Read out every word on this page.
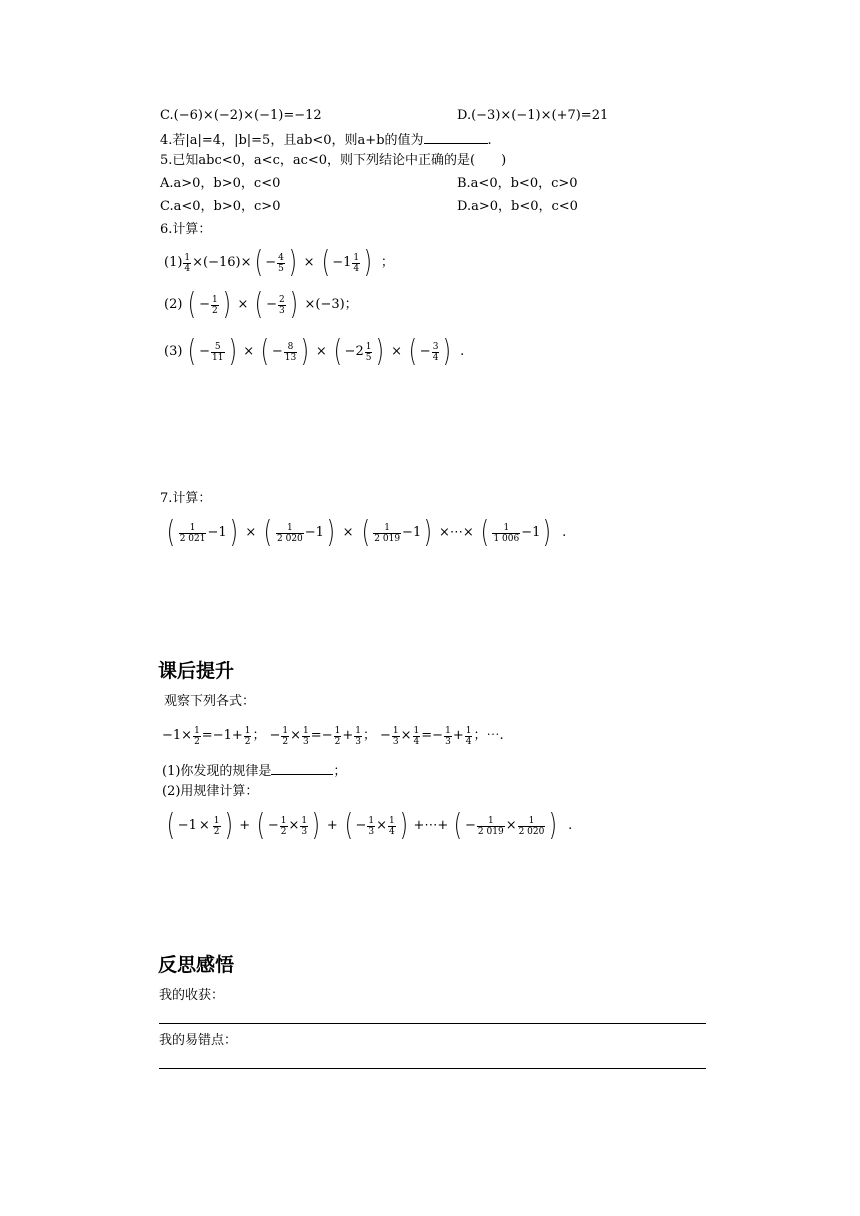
C.(−6)×(−2)×(−1)=−12	D.(−3)×(−1)×(+7)=21
4.若|a|=4，|b|=5，且ab<0，则a+b的值为	.
5.已知abc<0，a<c，ac<0，则下列结论中正确的是(　　)
A.a>0，b>0，c<0	B.a<0，b<0，c>0
C.a<0，b>0，c>0	D.a>0，b<0，c<0
6.计算：
$(1) \frac{1}{4} \times(-16)\times$ ( − $\frac{4}{5}$ ) × ( $-1 \frac{1}{4}$ ) ；
(2) ( − $\frac{1}{2}$ ) × ( − $\frac{2}{3}$ ) ×(−3)；
(3) ( − $\frac{5}{11}$ ) × ( − $\frac{8}{13}$ ) × ( $-2 \frac{1}{5}$ ) × ( − $\frac{3}{4}$ ) .
7.计算：
( $\frac{1}{2 021} -1$ ) × ( $\frac{1}{2 020} -1$ ) × ( $\frac{1}{2 019} -1$ ) ×⋯× ( $\frac{1}{1 006} -1$ ) .
课后提升
观察下列各式：
$-1\times \frac{1}{2} =-1+ \frac{1}{2}$ ； − $\frac{1}{2} \times \frac{1}{3}$ = − $\frac{1}{2} + \frac{1}{3}$ ； − $\frac{1}{3} \times \frac{1}{4}$ = − $\frac{1}{3} + \frac{1}{4}$ ；⋯.
(1)你发现的规律是	；
(2)用规律计算：
( $-1 \times \frac{1}{2}$ ) + ( − $\frac{1}{2} \times \frac{1}{3}$ ) + ( − $\frac{1}{3} \times \frac{1}{4}$ ) +⋯+ ( − $\frac{1}{2 019} \times \frac{1}{2 020}$ ) .
反思感悟
我的收获：
我的易错点：
